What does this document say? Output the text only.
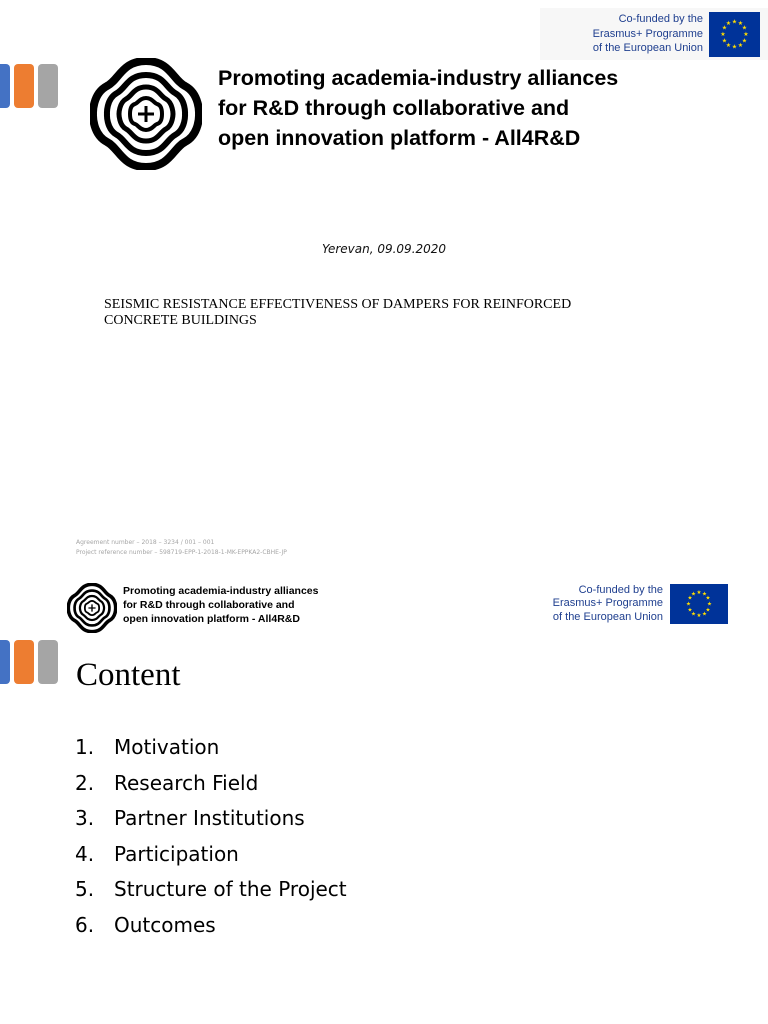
Co-funded by the
Erasmus+ Programme
of the European Union
★ ★
★
★
★
★
★
★
★
★
★
★
Promoting academia-industry alliances
for R&D through collaborative and
open innovation platform - All4R&D
Yerevan, 09.09.2020
SEISMIC RESISTANCE EFFECTIVENESS OF DAMPERS FOR REINFORCED
CONCRETE BUILDINGS
Agreement number – 2018 – 3234 / 001 – 001
Project reference number – 598719-EPP-1-2018-1-MK-EPPKA2-CBHE-JP
Promoting academia-industry alliances
for R&D through collaborative and
open innovation platform - All4R&D
Co-funded by the
Erasmus+ Programme
of the European Union
★ ★
★
★
★
★
★
★
★
★
★
★
Content
1. Motivation
2. Research Field
3. Partner Institutions
4. Participation
5. Structure of the Project
6. Outcomes
